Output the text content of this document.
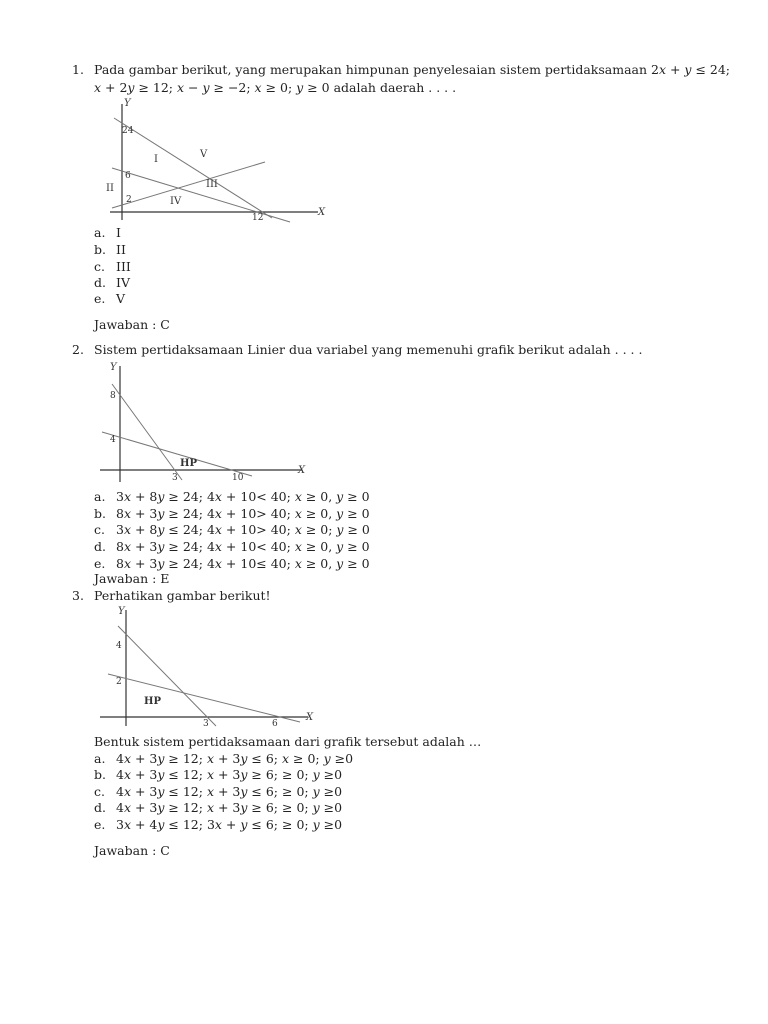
1. Pada gambar berikut, yang merupakan himpunan penyelesaian sistem pertidaksamaan 2𝑥 + 𝑦 ≤ 24;
𝑥 + 2𝑦 ≥ 12; 𝑥 − 𝑦 ≥ −2; 𝑥 ≥ 0; 𝑦 ≥ 0 adalah daerah . . . .
Y
X
24
6
2
12
I
II	III
IV
V
a. I
b. II
c. III
d. IV
e. V
Jawaban : C
2. Sistem pertidaksamaan Linier dua variabel yang memenuhi grafik berikut adalah . . . .
Y
X
8
4
3	10
HP
a. 3𝑥 + 8𝑦 ≥ 24; 4𝑥 + 10< 40; 𝑥 ≥ 0, 𝑦 ≥ 0
b. 8𝑥 + 3𝑦 ≥ 24; 4𝑥 + 10> 40; 𝑥 ≥ 0, 𝑦 ≥ 0
c. 3𝑥 + 8𝑦 ≤ 24; 4𝑥 + 10> 40; 𝑥 ≥ 0; 𝑦 ≥ 0
d. 8𝑥 + 3𝑦 ≥ 24; 4𝑥 + 10< 40; 𝑥 ≥ 0, 𝑦 ≥ 0
e. 8𝑥 + 3𝑦 ≥ 24; 4𝑥 + 10≤ 40; 𝑥 ≥ 0, 𝑦 ≥ 0
Jawaban : E
3. Perhatikan gambar berikut!
Y
X
4
2
3	6
HP
Bentuk sistem pertidaksamaan dari grafik tersebut adalah …
a. 4𝑥 + 3𝑦 ≥ 12; 𝑥 + 3𝑦 ≤ 6; 𝑥 ≥ 0; 𝑦 ≥0
b. 4𝑥 + 3𝑦 ≤ 12; 𝑥 + 3𝑦 ≥ 6; ≥ 0; 𝑦 ≥0
c. 4𝑥 + 3𝑦 ≤ 12; 𝑥 + 3𝑦 ≤ 6; ≥ 0; 𝑦 ≥0
d. 4𝑥 + 3𝑦 ≥ 12; 𝑥 + 3𝑦 ≥ 6; ≥ 0; 𝑦 ≥0
e. 3𝑥 + 4𝑦 ≤ 12; 3𝑥 + 𝑦 ≤ 6; ≥ 0; 𝑦 ≥0
Jawaban : C
